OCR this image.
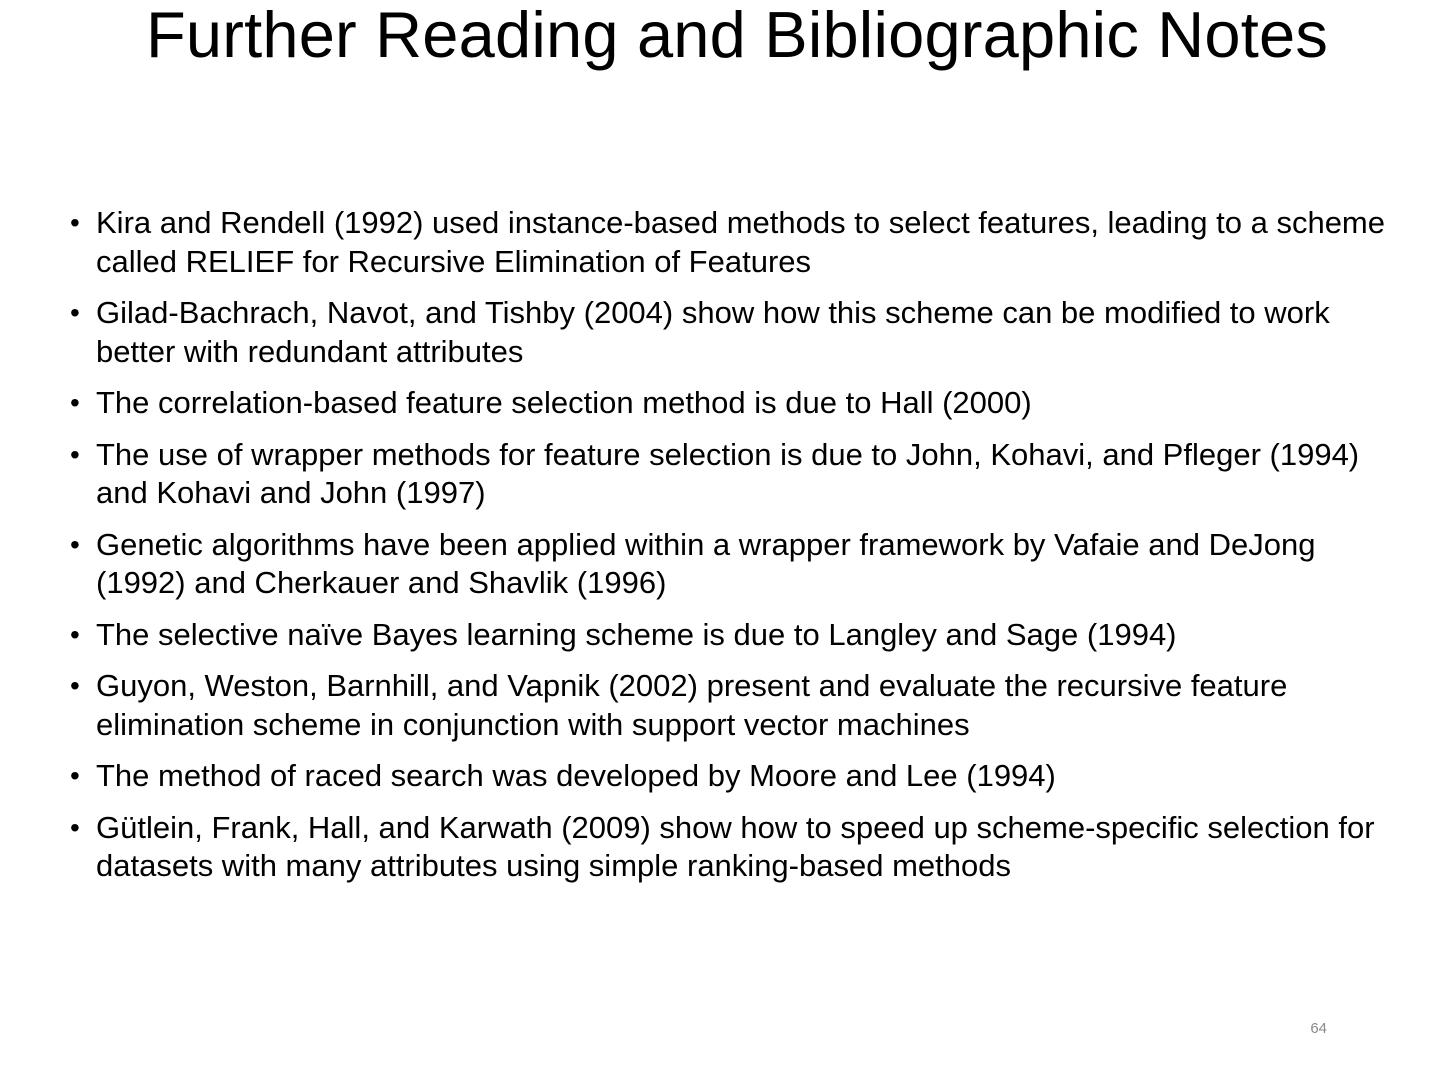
Further Reading and Bibliographic Notes
• Kira and Rendell (1992) used instance-based methods to select features, leading to a scheme called RELIEF for Recursive Elimination of Features
• Gilad-Bachrach, Navot, and Tishby (2004) show how this scheme can be modified to work better with redundant attributes
• The correlation-based feature selection method is due to Hall (2000)
• The use of wrapper methods for feature selection is due to John, Kohavi, and Pfleger (1994) and Kohavi and John (1997)
• Genetic algorithms have been applied within a wrapper framework by Vafaie and DeJong (1992) and Cherkauer and Shavlik (1996)
• The selective naïve Bayes learning scheme is due to Langley and Sage (1994)
• Guyon, Weston, Barnhill, and Vapnik (2002) present and evaluate the recursive feature elimination scheme in conjunction with support vector machines
• The method of raced search was developed by Moore and Lee (1994)
• Gütlein, Frank, Hall, and Karwath (2009) show how to speed up scheme-specific selection for datasets with many attributes using simple ranking-based methods
64
